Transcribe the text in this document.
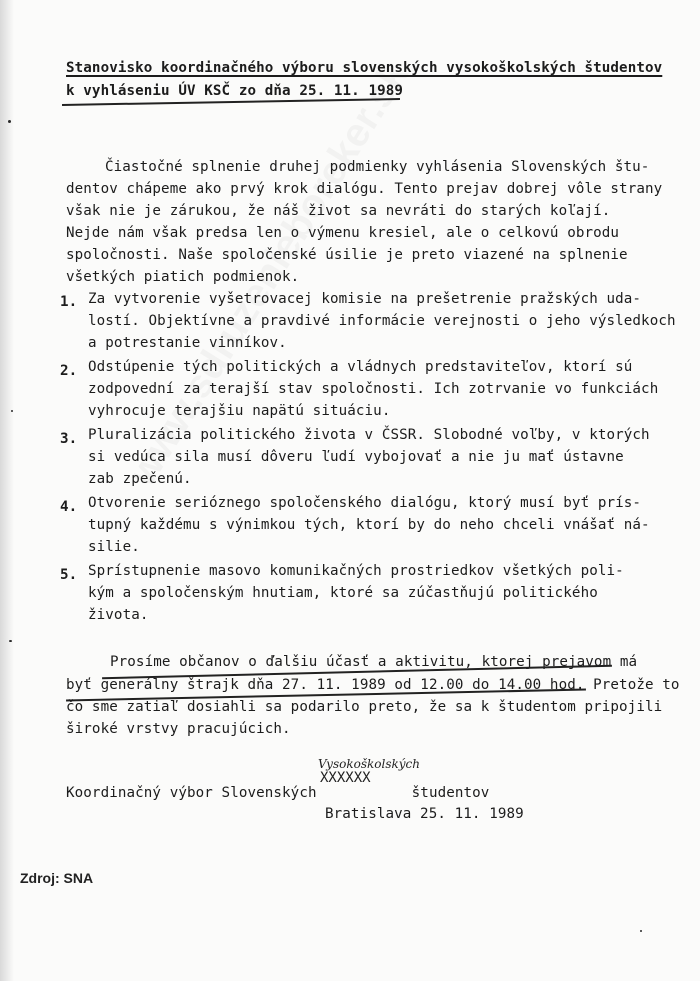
Stanovisko koordinačného výboru slovenských vysokoškolských študentov
k vyhláseniu ÚV KSČ zo dňa 25. 11. 1989
Čiastočné splnenie druhej podmienky vyhlásenia Slovenských štu-
dentov chápeme ako prvý krok dialógu. Tento prejav dobrej vôle strany
však nie je zárukou, že náš život sa nevráti do starých koľají.
Nejde nám však predsa len o výmenu kresiel, ale o celkovú obrodu
spoločnosti. Naše spoločenské úsilie je preto viazené na splnenie
všetkých piatich podmienok.
1. Za vytvorenie vyšetrovacej komisie na prešetrenie pražských uda-
lostí. Objektívne a pravdivé informácie verejnosti o jeho výsledkoch
a potrestanie vinníkov.
2. Odstúpenie tých politických a vládnych predstaviteľov, ktorí sú
zodpovední za terajší stav spoločnosti. Ich zotrvanie vo funkciách
vyhrocuje terajšiu napätú situáciu.
3. Pluralizácia politického života v ČSSR. Slobodné voľby, v ktorých
si vedúca sila musí dôveru ľudí vybojovať a nie ju mať ústavne
zab zpečenú.
4. Otvorenie serióznego spoločenského dialógu, ktorý musí byť prís-
tupný každému s výnimkou tých, ktorí by do neho chceli vnášať ná-
silie.
5. Sprístupnenie masovo komunikačných prostriedkov všetkých poli-
kým a spoločenským hnutiam, ktoré sa zúčastňujú politického
života.
Prosíme občanov o ďalšiu účasť a aktivitu, ktorej prejavom má
byť generálny štrajk dňa 27. 11. 1989 od 12.00 do 14.00 hod. Pretože to
čo sme zatiaľ dosiahli sa podarilo preto, že sa k študentom pripojili
široké vrstvy pracujúcich.
Vysokoškolských
XXXXXX
Koordinačný výbor Slovenských           študentov
Bratislava 25. 11. 1989
Zdroj: SNA
